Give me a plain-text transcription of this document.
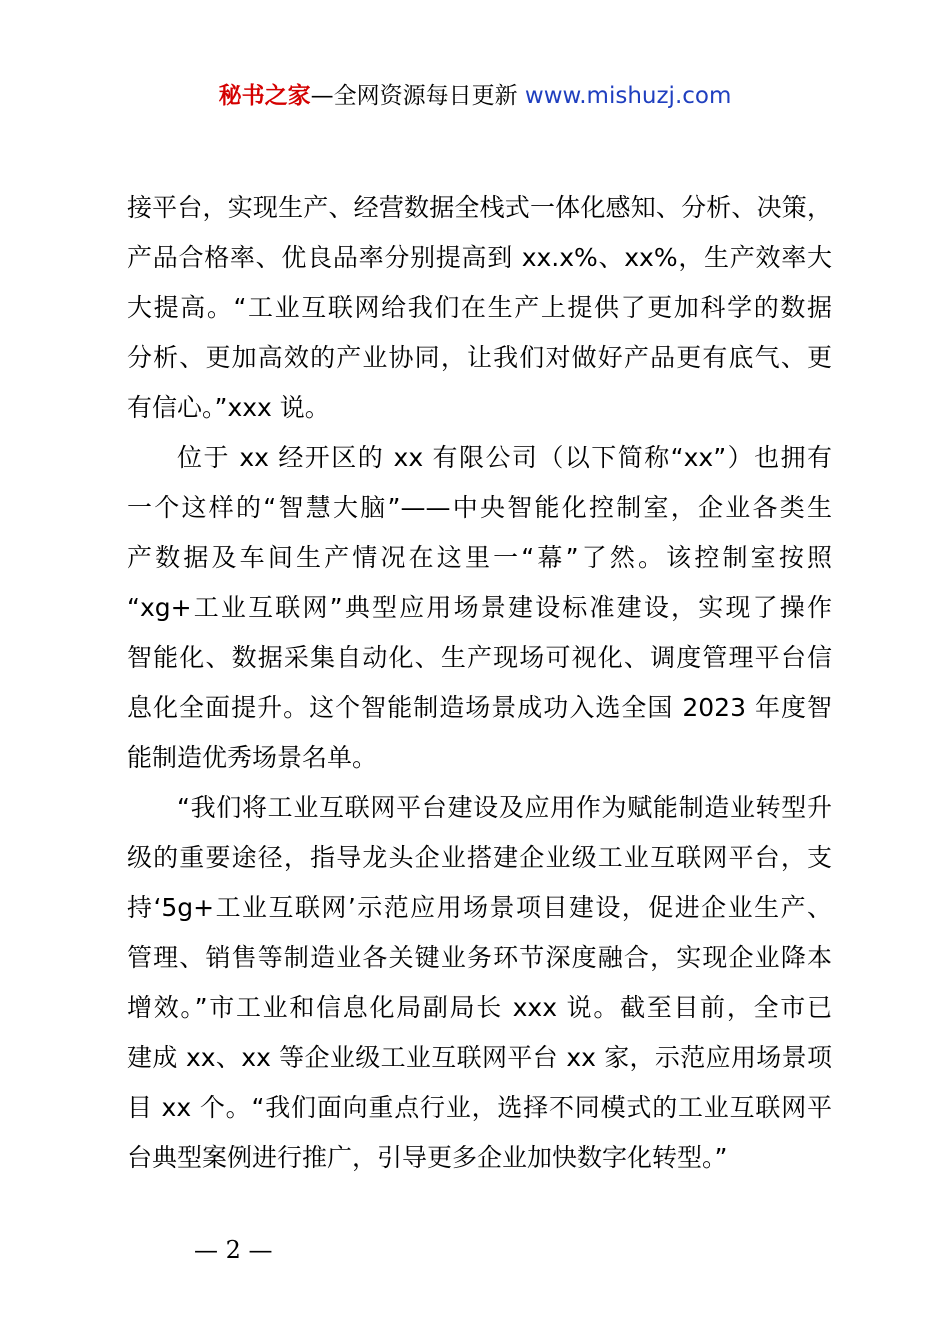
秘书之家—全网资源每日更新 www.mishuzj.com
接平台，实现生产、经营数据全栈式一体化感知、分析、决策，
产品合格率、优良品率分别提高到 xx.x%、xx%，生产效率大
大提高。“工业互联网给我们在生产上提供了更加科学的数据
分析、更加高效的产业协同，让我们对做好产品更有底气、更
有信心。”xxx 说。
位于 xx 经开区的 xx 有限公司（以下简称“xx”）也拥有
一个这样的“智慧大脑”——中央智能化控制室，企业各类生
产数据及车间生产情况在这里一“幕”了然。该控制室按照
“xg+工业互联网”典型应用场景建设标准建设，实现了操作
智能化、数据采集自动化、生产现场可视化、调度管理平台信
息化全面提升。这个智能制造场景成功入选全国 2023 年度智
能制造优秀场景名单。
“我们将工业互联网平台建设及应用作为赋能制造业转型升
级的重要途径，指导龙头企业搭建企业级工业互联网平台，支
持‘5g+工业互联网’示范应用场景项目建设，促进企业生产、
管理、销售等制造业各关键业务环节深度融合，实现企业降本
增效。”市工业和信息化局副局长 xxx 说。截至目前，全市已
建成 xx、xx 等企业级工业互联网平台 xx 家，示范应用场景项
目 xx 个。“我们面向重点行业，选择不同模式的工业互联网平
台典型案例进行推广，引导更多企业加快数字化转型。”
— 2 —
